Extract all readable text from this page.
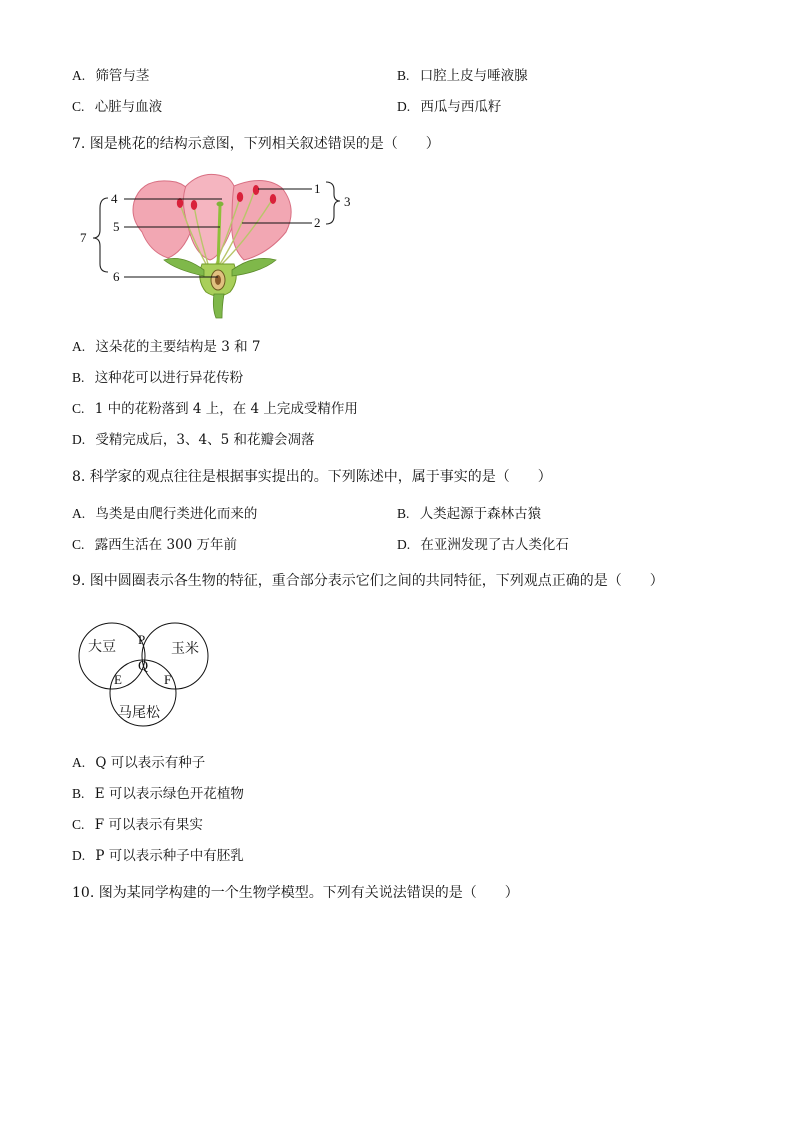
A. 筛管与茎	B. 口腔上皮与唾液腺
C. 心脏与血液	D. 西瓜与西瓜籽
7. 图是桃花的结构示意图，下列相关叙述错误的是（　　）
4
5
6
7
1
2
3
A. 这朵花的主要结构是 3 和 7
B. 这种花可以进行异花传粉
C. 1 中的花粉落到 4 上，在 4 上完成受精作用
D. 受精完成后，3、4、5 和花瓣会凋落
8. 科学家的观点往往是根据事实提出的。下列陈述中，属于事实的是（　　）
A. 鸟类是由爬行类进化而来的	B. 人类起源于森林古猿
C. 露西生活在 300 万年前	D. 在亚洲发现了古人类化石
9. 图中圆圈表示各生物的特征，重合部分表示它们之间的共同特征，下列观点正确的是（　　）
大豆	玉米
马尾松
P
Q
E	F
A. Q 可以表示有种子
B. E 可以表示绿色开花植物
C. F 可以表示有果实
D. P 可以表示种子中有胚乳
10. 图为某同学构建的一个生物学模型。下列有关说法错误的是（　　）
